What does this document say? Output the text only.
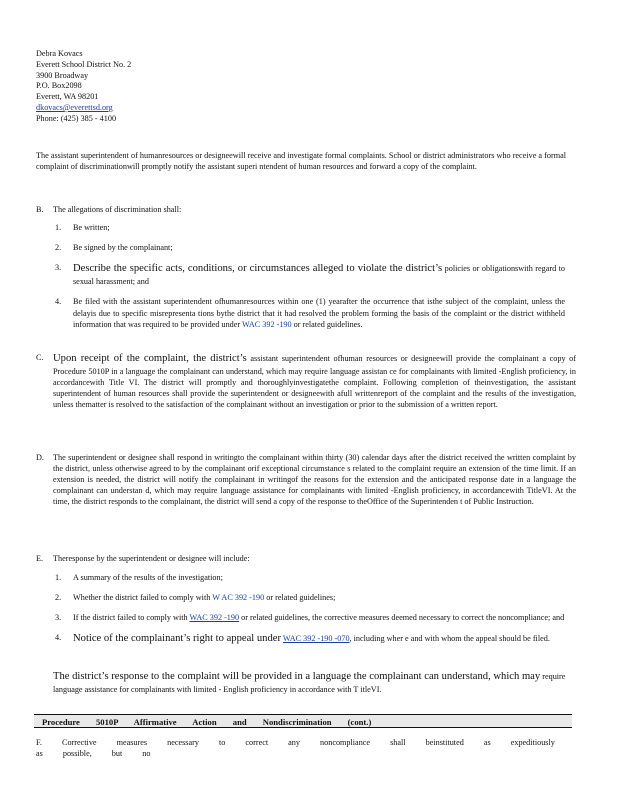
Debra Kovacs
Everett School District No. 2
3900 Broadway
P.O. Box2098
Everett, WA 98201
dkovacs@everettsd.org
Phone: (425) 385 - 4100
The assistant superintendent of humanresources or designeewill receive and investigate formal complaints. School or district administrators who receive a formal complaint of discriminationwill promptly notify the assistant superi ntendent of human resources and forward a copy of the complaint.
B. The allegations of discrimination shall:
1. Be written;
2. Be signed by the complainant;
3. Describe the specific acts, conditions, or circumstances alleged to violate the district’s policies or obligationswith regard to sexual harassment; and
4. Be filed with the assistant superintendent ofhumanresources within one (1) yearafter the occurrence that isthe subject of the complaint, unless the delayis due to specific misrepresenta tions bythe district that it had resolved the problem forming the basis of the complaint or the district withheld information that was required to be provided under WAC 392 -190 or related guidelines.
C. Upon receipt of the complaint, the district’s assistant superintendent ofhuman resources or designeewill provide the complainant a copy of Procedure 5010P in a language the complainant can understand, which may require language assistan ce for complainants with limited -English proficiency, in accordancewith Title VI. The district will promptly and thoroughlyinvestigatethe complaint. Following completion of theinvestigation, the assistant superintendent of human resources shall provide the superintendent or designeewith afull writtenreport of the complaint and the results of the investigation, unless thematter is resolved to the satisfaction of the complainant without an investigation or prior to the submission of a written report.
D. The superintendent or designee shall respond in writingto the complainant within thirty (30) calendar days after the district received the written complaint by the district, unless otherwise agreed to by the complainant orif exceptional circumstance s related to the complaint require an extension of the time limit. If an extension is needed, the district will notify the complainant in writingof the reasons for the extension and the anticipated response date in a language the complainant can understan d, which may require language assistance for complainants with limited -English proficiency, in accordancewith TitleVI. At the time, the district responds to the complainant, the district will send a copy of the response to theOffice of the Superintenden t of Public Instruction.
E. Theresponse by the superintendent or designee will include:
1. A summary of the results of the investigation;
2. Whether the district failed to comply with W AC 392 -190 or related guidelines;
3. If the district failed to comply with WAC 392 -190 or related guidelines, the corrective measures deemed necessary to correct the noncompliance; and
4. Notice of the complainant’s right to appeal under WAC 392 -190 -070, including wher e and with whom the appeal should be filed.
The district’s response to the complaint will be provided in a language the complainant can understand, which may require language assistance for complainants with limited - English proficiency in accordance with T itleVI.
Procedure 5010P Affirmative Action and Nondiscrimination (cont.)
F. Corrective measures necessary to correct any noncompliance shall beinstituted as expeditiously as possible, but no
